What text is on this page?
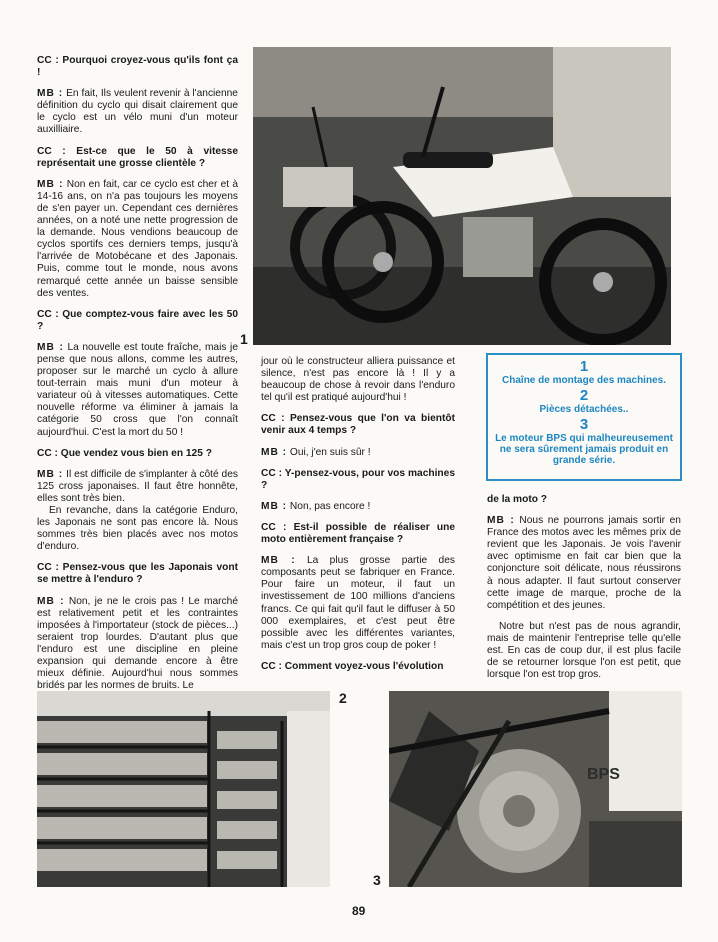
CC : Pourquoi croyez-vous qu'ils font ça !

MB : En fait, Ils veulent revenir à l'ancienne définition du cyclo qui disait clairement que le cyclo est un vélo muni d'un moteur auxilliaire.

CC : Est-ce que le 50 à vitesse représentait une grosse clientèle ?

MB : Non en fait, car ce cyclo est cher et à 14-16 ans, on n'a pas toujours les moyens de s'en payer un. Cependant ces dernières années, on a noté une nette progression de la demande. Nous vendions beaucoup de cyclos sportifs ces derniers temps, jusqu'à l'arrivée de Motobécane et des Japonais. Puis, comme tout le monde, nous avons remarqué cette année un baisse sensible des ventes.

CC : Que comptez-vous faire avec les 50 ?

MB : La nouvelle est toute fraîche, mais je pense que nous allons, comme les autres, proposer sur le marché un cyclo à allure tout-terrain mais muni d'un moteur à variateur où à vitesses automatiques. Cette nouvelle réforme va éliminer à jamais la catégorie 50 cross que l'on connaît aujourd'hui. C'est la mort du 50 !

CC : Que vendez vous bien en 125 ?

MB : Il est difficile de s'implanter à côté des 125 cross japonaises. Il faut être honnête, elles sont très bien.

En revanche, dans la catégorie Enduro, les Japonais ne sont pas encore là. Nous sommes très bien placés avec nos motos d'enduro.

CC : Pensez-vous que les Japonais vont se mettre à l'enduro ?

MB : Non, je ne le crois pas ! Le marché est relativement petit et les contraintes imposées à l'importateur (stock de pièces...) seraient trop lourdes. D'autant plus que l'enduro est une discipline en pleine expansion qui demande encore à être mieux définie. Aujourd'hui nous sommes bridés par les normes de bruits. Le

1

jour où le constructeur alliera puissance et silence, n'est pas encore là ! Il y a beaucoup de chose à revoir dans l'enduro tel qu'il est pratiqué aujourd'hui !

CC : Pensez-vous que l'on va bientôt venir aux 4 temps ?

MB : Oui, j'en suis sûr !

CC : Y-pensez-vous, pour vos machines ?

MB : Non, pas encore !

CC : Est-il possible de réaliser une moto entièrement française ?

MB : La plus grosse partie des composants peut se fabriquer en France. Pour faire un moteur, il faut un investissement de 100 millions d'anciens francs. Ce qui fait qu'il faut le diffuser à 50 000 exemplaires, et c'est peut être possible avec les différentes variantes, mais c'est un trop gros coup de poker !

CC : Comment voyez-vous l'évolution

1
Chaîne de montage des machines.
2
Pièces détachées..
3
Le moteur BPS qui malheureusement ne sera sûrement jamais produit en grande série.

de la moto ?

MB : Nous ne pourrons jamais sortir en France des motos avec les mêmes prix de revient que les Japonais. Je vois l'avenir avec optimisme en fait car bien que la conjoncture soit délicate, nous réussirons à nous adapter. Il faut surtout conserver cette image de marque, proche de la compétition et des jeunes.

Notre but n'est pas de nous agrandir, mais de maintenir l'entreprise telle qu'elle est. En cas de coup dur, il est plus facile de se retourner lorsque l'on est petit, que lorsque l'on est trop gros.

2
BPS
3
89
